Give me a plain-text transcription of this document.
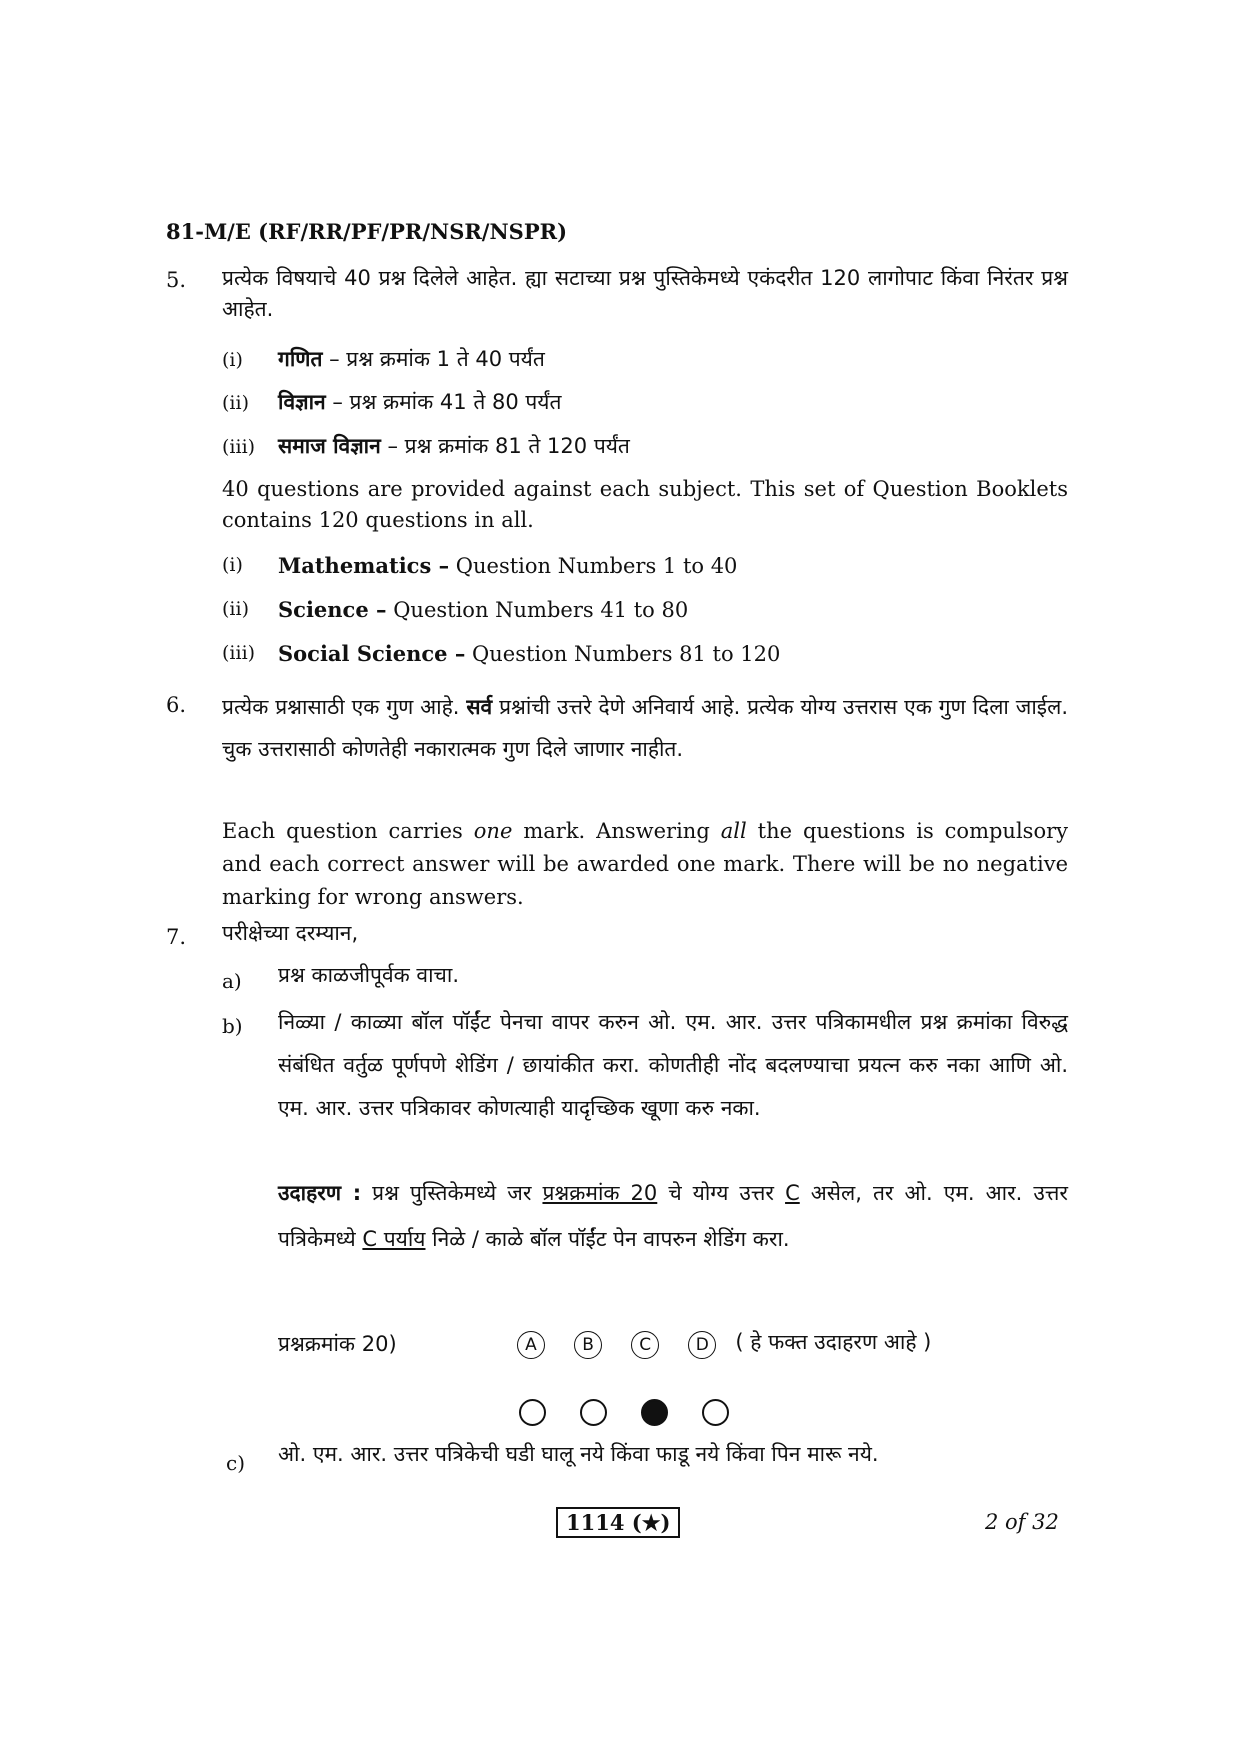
81-M/E (RF/RR/PF/PR/NSR/NSPR)
5. प्रत्येक विषयाचे 40 प्रश्न दिलेले आहेत. ह्या सटाच्या प्रश्न पुस्तिकेमध्ये एकंदरीत 120 लागोपाट किंवा निरंतर प्रश्न आहेत.
(i)	गणित – प्रश्न क्रमांक 1 ते 40 पर्यंत
(ii)	विज्ञान – प्रश्न क्रमांक 41 ते 80 पर्यंत
(iii)	समाज विज्ञान – प्रश्न क्रमांक 81 ते 120 पर्यंत
40 questions are provided against each subject. This set of Question Booklets contains 120 questions in all.
(i)	Mathematics – Question Numbers 1 to 40
(ii)	Science – Question Numbers 41 to 80
(iii)	Social Science – Question Numbers 81 to 120
6. प्रत्येक प्रश्नासाठी एक गुण आहे. सर्व प्रश्नांची उत्तरे देणे अनिवार्य आहे. प्रत्येक योग्य उत्तरास एक गुण दिला जाईल. चुक उत्तरासाठी कोणतेही नकारात्मक गुण दिले जाणार नाहीत.
Each question carries one mark. Answering all the questions is compulsory and each correct answer will be awarded one mark. There will be no negative marking for wrong answers.
7. परीक्षेच्या दरम्यान,
a) प्रश्न काळजीपूर्वक वाचा.
b) निळ्या / काळ्या बॉल पॉईंट पेनचा वापर करुन ओ. एम. आर. उत्तर पत्रिकामधील प्रश्न क्रमांका विरुद्ध संबंधित वर्तुळ पूर्णपणे शेडिंग / छायांकीत करा. कोणतीही नोंद बदलण्याचा प्रयत्न करु नका आणि ओ. एम. आर. उत्तर पत्रिकावर कोणत्याही यादृच्छिक खूणा करु नका.
उदाहरण : प्रश्न पुस्तिकेमध्ये जर प्रश्नक्रमांक 20 चे योग्य उत्तर C असेल, तर ओ. एम. आर. उत्तर पत्रिकेमध्ये C पर्याय निळे / काळे बॉल पॉईंट पेन वापरुन शेडिंग करा.
प्रश्नक्रमांक 20)	A	B	C	D ( हे फक्त उदाहरण आहे )

c) ओ. एम. आर. उत्तर पत्रिकेची घडी घालू नये किंवा फाडू नये किंवा पिन मारू नये.
1114 (★)	2 of 32
